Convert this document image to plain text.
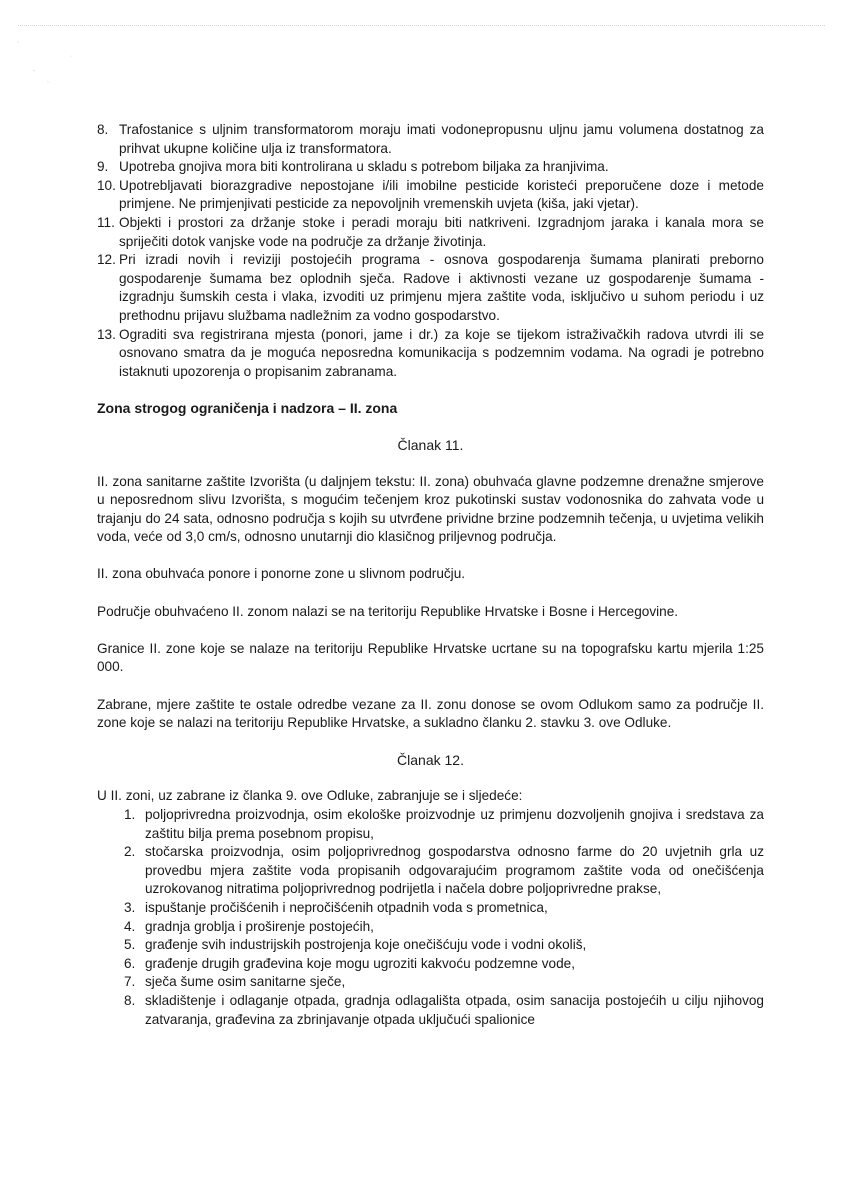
ˏ
·
-
ˎ
8. Trafostanice s uljnim transformatorom moraju imati vodonepropusnu uljnu jamu volumena dostatnog za prihvat ukupne količine ulja iz transformatora.
9. Upotreba gnojiva mora biti kontrolirana u skladu s potrebom biljaka za hranjivima.
10. Upotrebljavati biorazgradive nepostojane i/ili imobilne pesticide koristeći preporučene doze i metode primjene. Ne primjenjivati pesticide za nepovoljnih vremenskih uvjeta (kiša, jaki vjetar).
11. Objekti i prostori za držanje stoke i peradi moraju biti natkriveni. Izgradnjom jaraka i kanala mora se spriječiti dotok vanjske vode na područje za držanje životinja.
12. Pri izradi novih i reviziji postojećih programa - osnova gospodarenja šumama planirati preborno gospodarenje šumama bez oplodnih sječa. Radove i aktivnosti vezane uz gospodarenje šumama - izgradnju šumskih cesta i vlaka, izvoditi uz primjenu mjera zaštite voda, isključivo u suhom periodu i uz prethodnu prijavu službama nadležnim za vodno gospodarstvo.
13. Ograditi sva registrirana mjesta (ponori, jame i dr.) za koje se tijekom istraživačkih radova utvrdi ili se osnovano smatra da je moguća neposredna komunikacija s podzemnim vodama. Na ogradi je potrebno istaknuti upozorenja o propisanim zabranama.
Zona strogog ograničenja i nadzora – II. zona
Članak 11.

II. zona sanitarne zaštite Izvorišta (u daljnjem tekstu: II. zona) obuhvaća glavne podzemne drenažne smjerove u neposrednom slivu Izvorišta, s mogućim tečenjem kroz pukotinski sustav vodonosnika do zahvata vode u trajanju do 24 sata, odnosno područja s kojih su utvrđene prividne brzine podzemnih tečenja, u uvjetima velikih voda, veće od 3,0 cm/s, odnosno unutarnji dio klasičnog priljevnog područja.

II. zona obuhvaća ponore i ponorne zone u slivnom području.

Područje obuhvaćeno II. zonom nalazi se na teritoriju Republike Hrvatske i Bosne i Hercegovine.

Granice II. zone koje se nalaze na teritoriju Republike Hrvatske ucrtane su na topografsku kartu mjerila 1:25 000.

Zabrane, mjere zaštite te ostale odredbe vezane za II. zonu donose se ovom Odlukom samo za područje II. zone koje se nalazi na teritoriju Republike Hrvatske, a sukladno članku 2. stavku 3. ove Odluke.

Članak 12.

U II. zoni, uz zabrane iz članka 9. ove Odluke, zabranjuje se i sljedeće:

1. poljoprivredna proizvodnja, osim ekološke proizvodnje uz primjenu dozvoljenih gnojiva i sredstava za zaštitu bilja prema posebnom propisu,
2. stočarska proizvodnja, osim poljoprivrednog gospodarstva odnosno farme do 20 uvjetnih grla uz provedbu mjera zaštite voda propisanih odgovarajućim programom zaštite voda od onečišćenja uzrokovanog nitratima poljoprivrednog podrijetla i načela dobre poljoprivredne prakse,
3. ispuštanje pročišćenih i nepročišćenih otpadnih voda s prometnica,
4. gradnja groblja i proširenje postojećih,
5. građenje svih industrijskih postrojenja koje onečišćuju vode i vodni okoliš,
6. građenje drugih građevina koje mogu ugroziti kakvoću podzemne vode,
7. sječa šume osim sanitarne sječe,
8. skladištenje i odlaganje otpada, gradnja odlagališta otpada, osim sanacija postojećih u cilju njihovog zatvaranja, građevina za zbrinjavanje otpada uključući spalionice
